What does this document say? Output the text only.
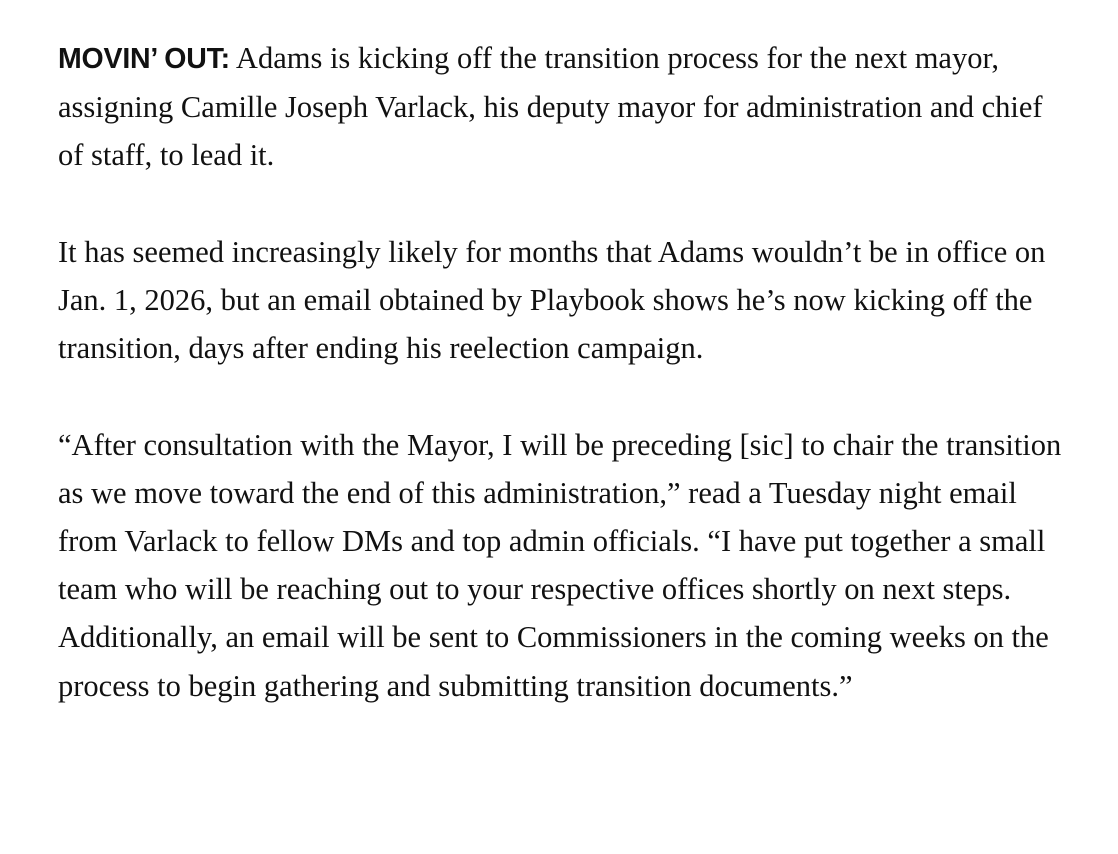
MOVIN’ OUT: Adams is kicking off the transition process for the next mayor, assigning Camille Joseph Varlack, his deputy mayor for administration and chief of staff, to lead it.

It has seemed increasingly likely for months that Adams wouldn’t be in office on Jan. 1, 2026, but an email obtained by Playbook shows he’s now kicking off the transition, days after ending his reelection campaign.

“After consultation with the Mayor, I will be preceding [sic] to chair the transition as we move toward the end of this administration,” read a Tuesday night email from Varlack to fellow DMs and top admin officials. “I have put together a small team who will be reaching out to your respective offices shortly on next steps. Additionally, an email will be sent to Commissioners in the coming weeks on the process to begin gathering and submitting transition documents.”
